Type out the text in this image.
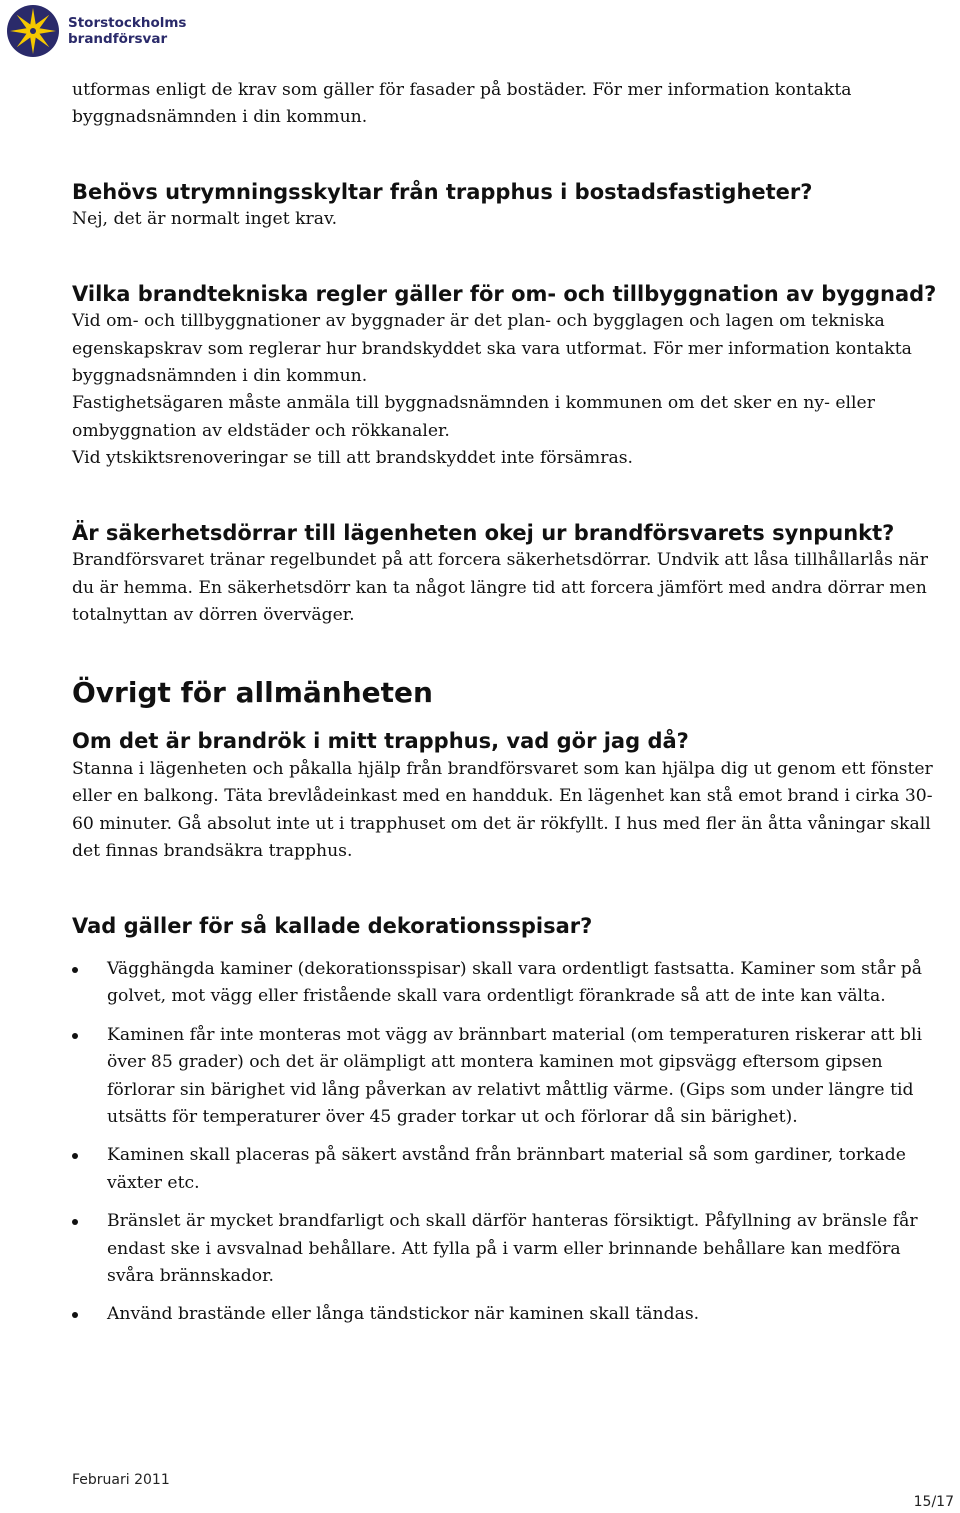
Storstockholms
brandförsvar

utformas enligt de krav som gäller för fasader på bostäder. För mer information kontakta byggnadsnämnden i din kommun.

Behövs utrymningsskyltar från trapphus i bostadsfastigheter?

Nej, det är normalt inget krav.

Vilka brandtekniska regler gäller för om- och tillbyggnation av byggnad?

Vid om- och tillbyggnationer av byggnader är det plan- och bygglagen och lagen om tekniska egenskapskrav som reglerar hur brandskyddet ska vara utformat. För mer information kontakta byggnadsnämnden i din kommun.

Fastighetsägaren måste anmäla till byggnadsnämnden i kommunen om det sker en ny- eller ombyggnation av eldstäder och rökkanaler.

Vid ytskiktsrenoveringar se till att brandskyddet inte försämras.

Är säkerhetsdörrar till lägenheten okej ur brandförsvarets synpunkt?

Brandförsvaret tränar regelbundet på att forcera säkerhetsdörrar. Undvik att låsa tillhållarlås när du är hemma. En säkerhetsdörr kan ta något längre tid att forcera jämfört med andra dörrar men totalnyttan av dörren överväger.

Övrigt för allmänheten
Om det är brandrök i mitt trapphus, vad gör jag då?

Stanna i lägenheten och påkalla hjälp från brandförsvaret som kan hjälpa dig ut genom ett fönster eller en balkong. Täta brevlådeinkast med en handduk. En lägenhet kan stå emot brand i cirka 30-60 minuter. Gå absolut inte ut i trapphuset om det är rökfyllt. I hus med fler än åtta våningar skall det finnas brandsäkra trapphus.

Vad gäller för så kallade dekorationsspisar?
Vägghängda kaminer (dekorationsspisar) skall vara ordentligt fastsatta. Kaminer som står på golvet, mot vägg eller fristående skall vara ordentligt förankrade så att de inte kan välta.
Kaminen får inte monteras mot vägg av brännbart material (om temperaturen riskerar att bli över 85 grader) och det är olämpligt att montera kaminen mot gipsvägg eftersom gipsen förlorar sin bärighet vid lång påverkan av relativt måttlig värme. (Gips som under längre tid utsätts för temperaturer över 45 grader torkar ut och förlorar då sin bärighet).
Kaminen skall placeras på säkert avstånd från brännbart material så som gardiner, torkade växter etc.
Bränslet är mycket brandfarligt och skall därför hanteras försiktigt. Påfyllning av bränsle får endast ske i avsvalnad behållare. Att fylla på i varm eller brinnande behållare kan medföra svåra brännskador.
Använd brastände eller långa tändstickor när kaminen skall tändas.
Februari 2011
15/17
